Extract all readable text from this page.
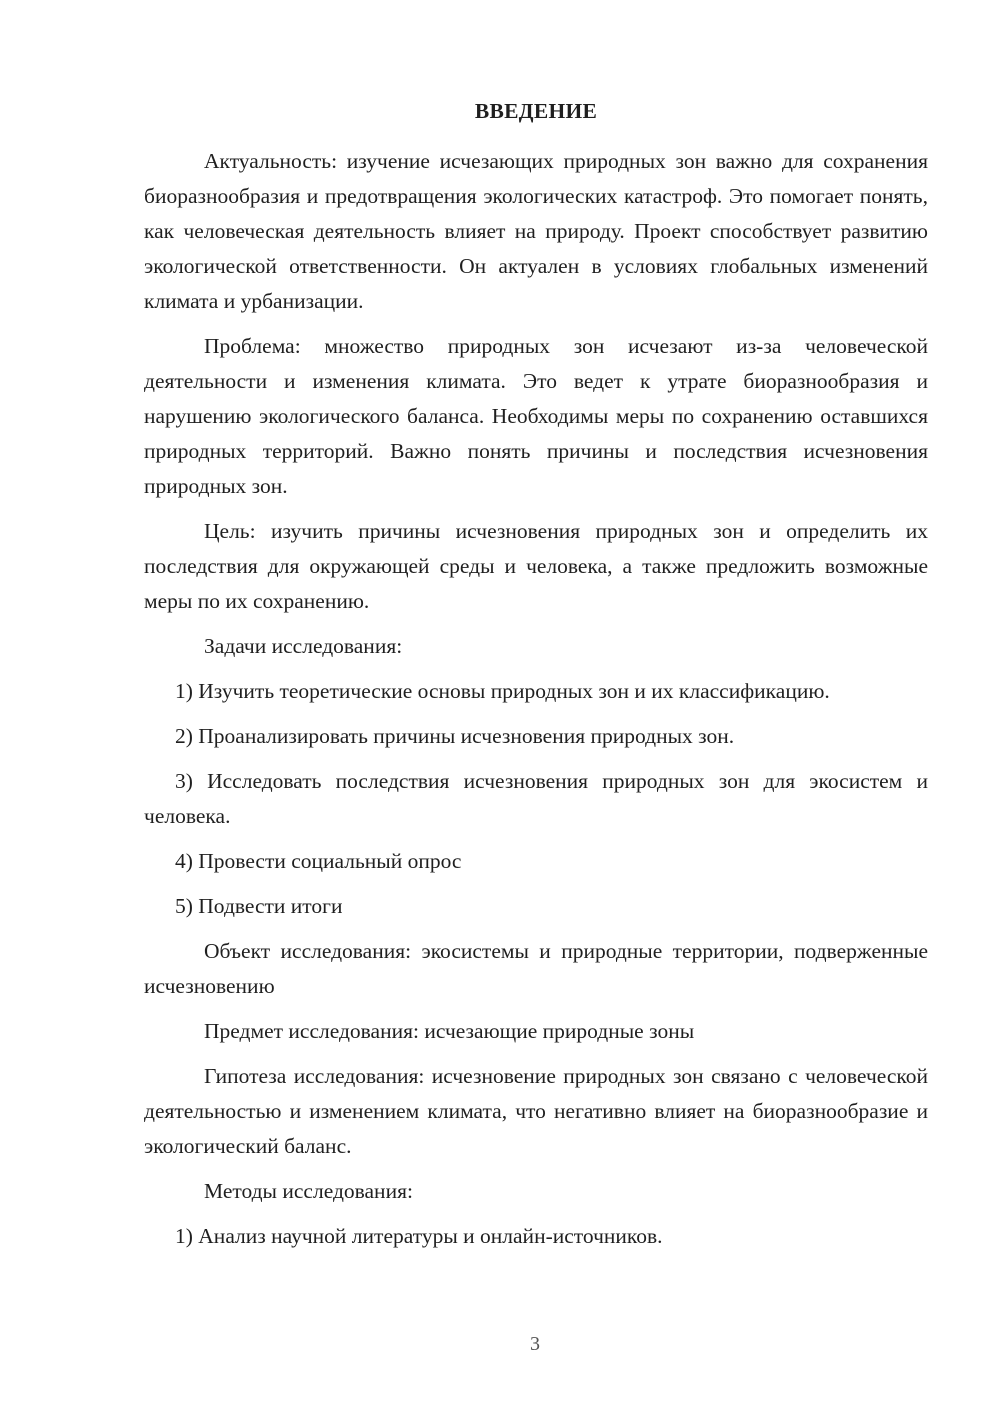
ВВЕДЕНИЕ

Актуальность: изучение исчезающих природных зон важно для сохранения биоразнообразия и предотвращения экологических катастроф. Это помогает понять, как человеческая деятельность влияет на природу. Проект способствует развитию экологической ответственности. Он актуален в условиях глобальных изменений климата и урбанизации.

Проблема: множество природных зон исчезают из-за человеческой деятельности и изменения климата. Это ведет к утрате биоразнообразия и нарушению экологического баланса. Необходимы меры по сохранению оставшихся природных территорий. Важно понять причины и последствия исчезновения природных зон.

Цель: изучить причины исчезновения природных зон и определить их последствия для окружающей среды и человека, а также предложить возможные меры по их сохранению.

Задачи исследования:

1) Изучить теоретические основы природных зон и их классификацию.

2) Проанализировать причины исчезновения природных зон.

3) Исследовать последствия исчезновения природных зон для экосистем и человека.

4) Провести социальный опрос

5) Подвести итоги

Объект исследования: экосистемы и природные территории, подверженные исчезновению

Предмет исследования: исчезающие природные зоны

Гипотеза исследования: исчезновение природных зон связано с человеческой деятельностью и изменением климата, что негативно влияет на биоразнообразие и экологический баланс.

Методы исследования:

1) Анализ научной литературы и онлайн-источников.

3
